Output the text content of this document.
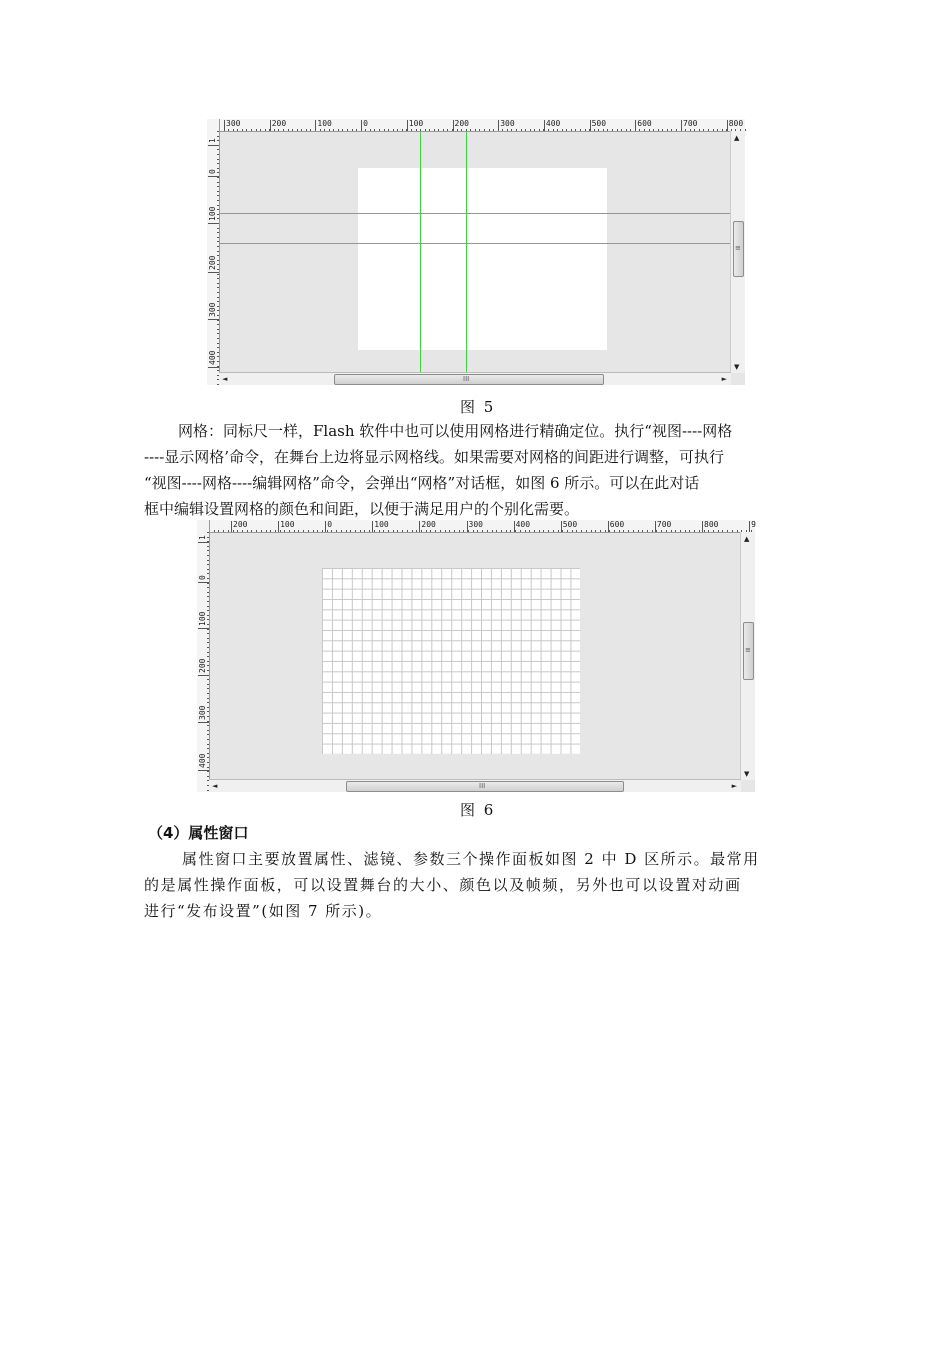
300	200	100	0	100	200	300	400	500	600	700	800
1
0
100
200
300
400
▲
≡
▼
◄	III	►
图 5

网格：同标尺一样，Flash 软件中也可以使用网格进行精确定位。执行“视图----网格

----显示网格’命令，在舞台上边将显示网格线。如果需要对网格的间距进行调整，可执行

“视图----网格----编辑网格”命令，会弹出“网格”对话框，如图 6 所示。可以在此对话

框中编辑设置网格的颜色和间距，以便于满足用户的个别化需要。

200	100	0	100	200	300	400	500	600	700	800	9
1
0
100
200
300
400
▲
≡
▼
◄	III	►
图 6
（4）属性窗口

属性窗口主要放置属性、滤镜、参数三个操作面板如图 2 中 D 区所示。最常用

的是属性操作面板，可以设置舞台的大小、颜色以及帧频，另外也可以设置对动画

进行“发布设置”(如图 7 所示)。
